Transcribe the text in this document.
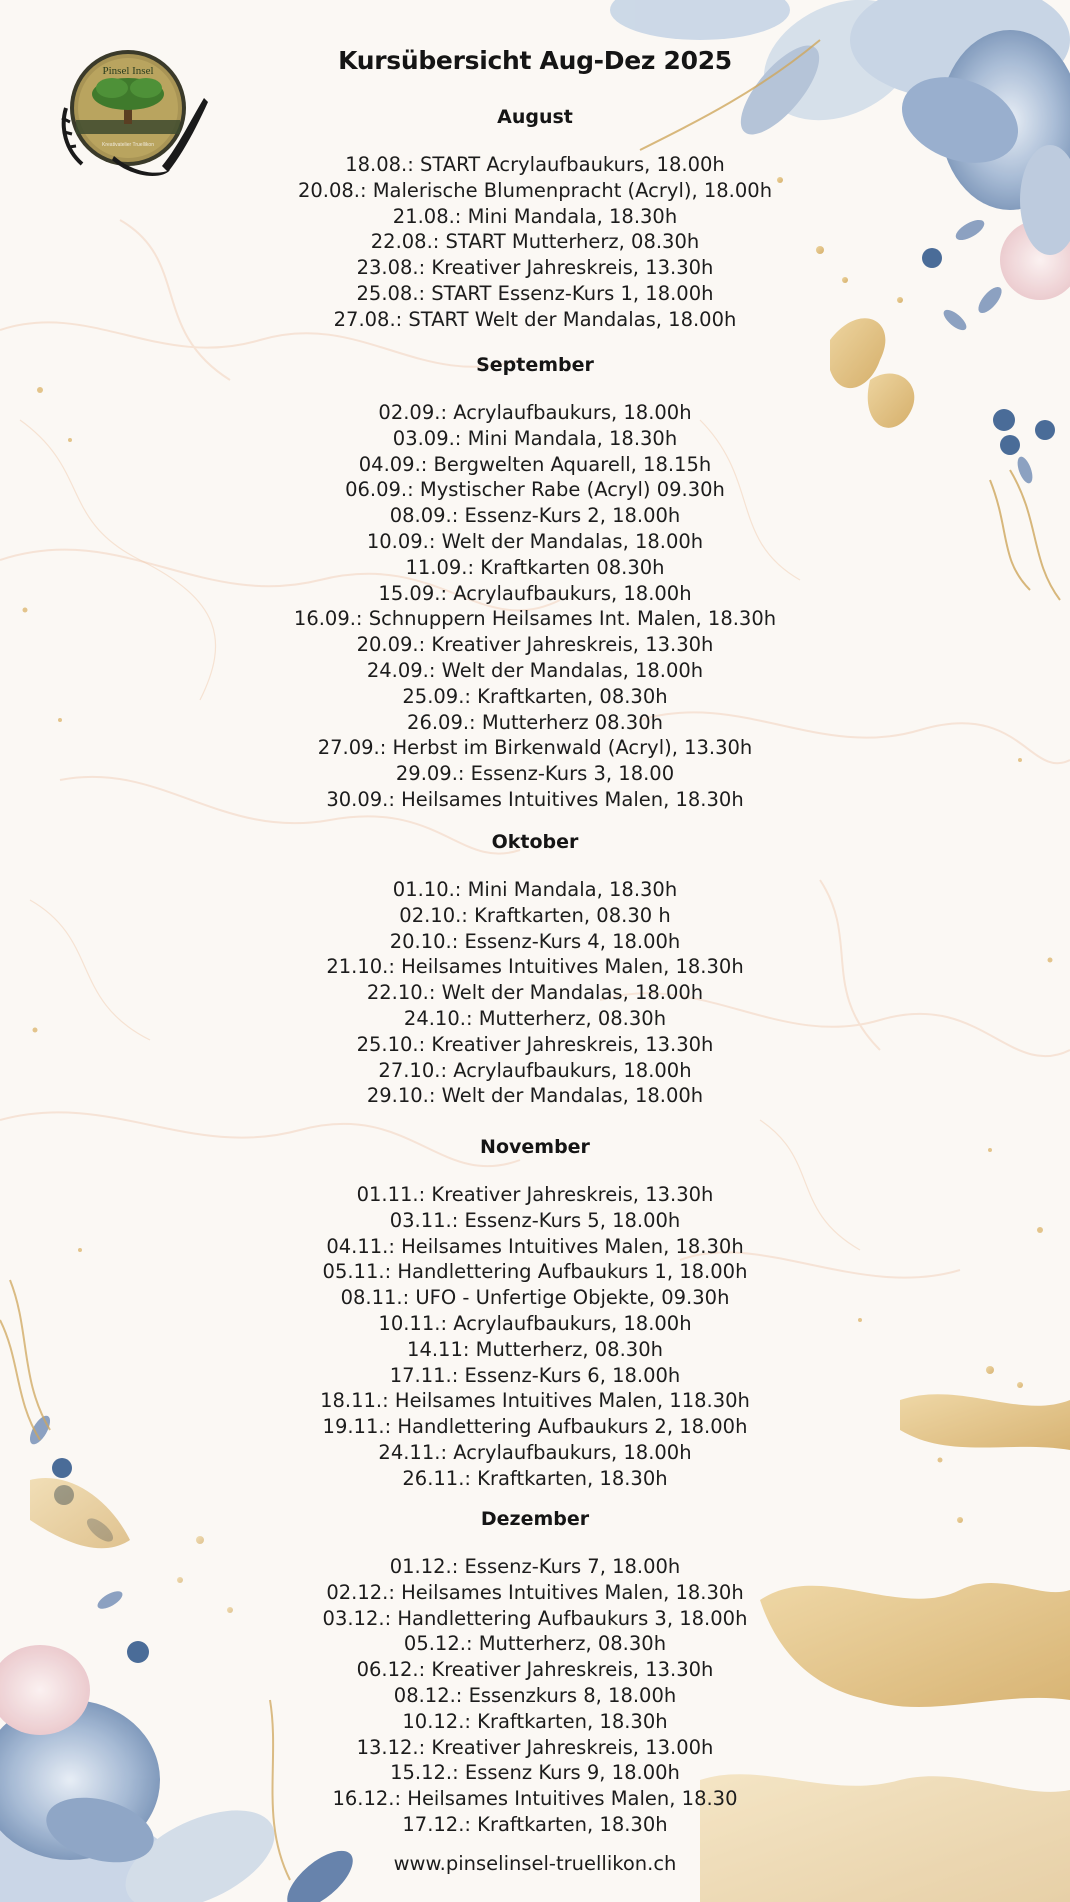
Pinsel Insel
Kreativatelier Truellikon
Kursübersicht Aug-Dez 2025
August
18.08.: START Acrylaufbaukurs, 18.00h
20.08.: Malerische Blumenpracht (Acryl), 18.00h
21.08.: Mini Mandala, 18.30h
22.08.: START Mutterherz, 08.30h
23.08.: Kreativer Jahreskreis, 13.30h
25.08.: START Essenz-Kurs 1, 18.00h
27.08.: START Welt der Mandalas, 18.00h
September
02.09.: Acrylaufbaukurs, 18.00h
03.09.: Mini Mandala, 18.30h
04.09.: Bergwelten Aquarell, 18.15h
06.09.: Mystischer Rabe (Acryl) 09.30h
08.09.: Essenz-Kurs 2, 18.00h
10.09.: Welt der Mandalas, 18.00h
11.09.: Kraftkarten 08.30h
15.09.: Acrylaufbaukurs, 18.00h
16.09.: Schnuppern Heilsames Int. Malen, 18.30h
20.09.: Kreativer Jahreskreis, 13.30h
24.09.: Welt der Mandalas, 18.00h
25.09.: Kraftkarten, 08.30h
26.09.: Mutterherz 08.30h
27.09.: Herbst im Birkenwald (Acryl), 13.30h
29.09.: Essenz-Kurs 3, 18.00
30.09.: Heilsames Intuitives Malen, 18.30h
Oktober
01.10.: Mini Mandala, 18.30h
02.10.: Kraftkarten, 08.30 h
20.10.: Essenz-Kurs 4, 18.00h
21.10.: Heilsames Intuitives Malen, 18.30h
22.10.: Welt der Mandalas, 18.00h
24.10.: Mutterherz, 08.30h
25.10.: Kreativer Jahreskreis, 13.30h
27.10.: Acrylaufbaukurs, 18.00h
29.10.: Welt der Mandalas, 18.00h
November
01.11.: Kreativer Jahreskreis, 13.30h
03.11.: Essenz-Kurs 5, 18.00h
04.11.: Heilsames Intuitives Malen, 18.30h
05.11.: Handlettering Aufbaukurs 1, 18.00h
08.11.: UFO - Unfertige Objekte, 09.30h
10.11.: Acrylaufbaukurs, 18.00h
14.11: Mutterherz, 08.30h
17.11.: Essenz-Kurs 6, 18.00h
18.11.: Heilsames Intuitives Malen, 118.30h
19.11.: Handlettering Aufbaukurs 2, 18.00h
24.11.: Acrylaufbaukurs, 18.00h
26.11.: Kraftkarten, 18.30h
Dezember
01.12.: Essenz-Kurs 7, 18.00h
02.12.: Heilsames Intuitives Malen, 18.30h
03.12.: Handlettering Aufbaukurs 3, 18.00h
05.12.: Mutterherz, 08.30h
06.12.: Kreativer Jahreskreis, 13.30h
08.12.: Essenzkurs 8, 18.00h
10.12.: Kraftkarten, 18.30h
13.12.: Kreativer Jahreskreis, 13.00h
15.12.: Essenz Kurs 9, 18.00h
16.12.: Heilsames Intuitives Malen, 18.30
17.12.: Kraftkarten, 18.30h
www.pinselinsel-truellikon.ch
